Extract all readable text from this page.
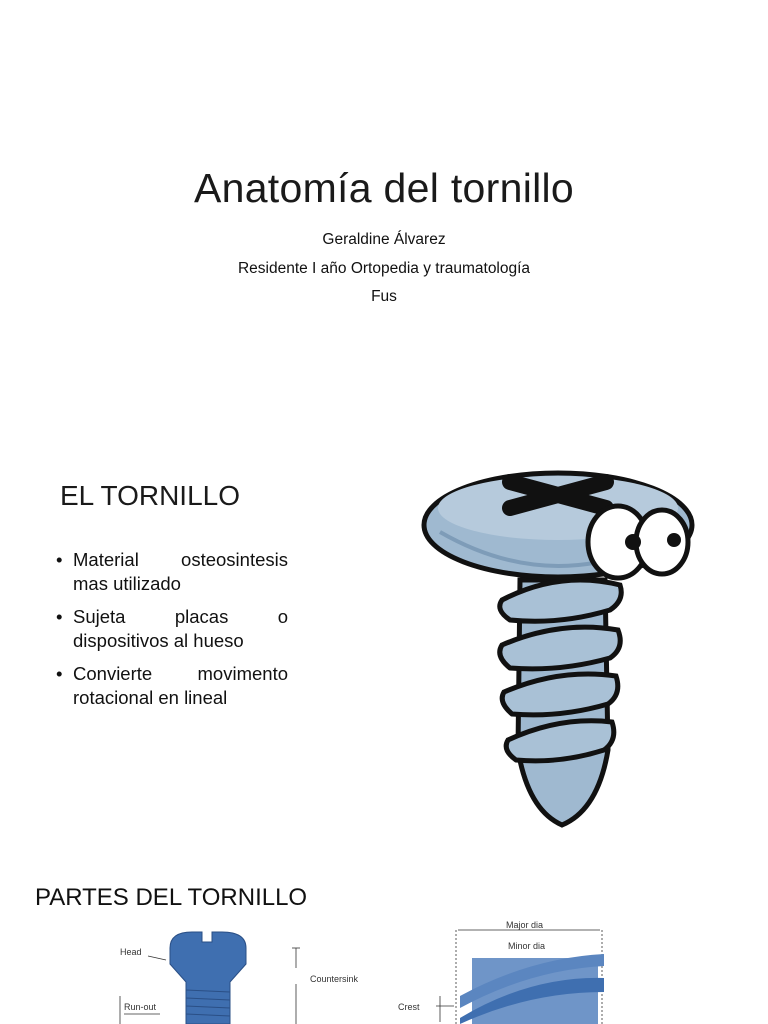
Anatomía del tornillo
Geraldine Álvarez
Residente I año Ortopedia y traumatología
Fus
EL TORNILLO
• Material osteosintesis mas utilizado
• Sujeta placas o dispositivos al hueso
• Convierte movimento rotacional en lineal
PARTES DEL TORNILLO
Head
Countersink
Run-out
Major dia
Minor dia
Crest
